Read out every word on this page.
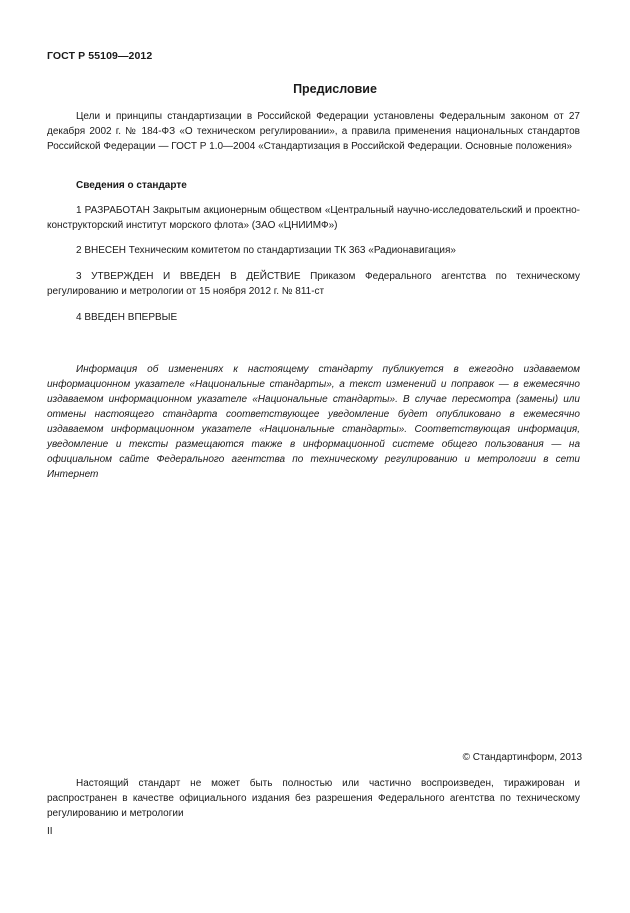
ГОСТ Р 55109—2012
Предисловие
Цели и принципы стандартизации в Российской Федерации установлены Федеральным законом от 27 декабря 2002 г. № 184-ФЗ «О техническом регулировании», а правила применения национальных стандартов Российской Федерации — ГОСТ Р 1.0—2004 «Стандартизация в Российской Федерации. Основные положения»
Сведения о стандарте
1 РАЗРАБОТАН Закрытым акционерным обществом «Центральный научно-исследовательский и проектно-конструкторский институт морского флота» (ЗАО «ЦНИИМФ»)
2 ВНЕСЕН Техническим комитетом по стандартизации ТК 363 «Радионавигация»
3 УТВЕРЖДЕН И ВВЕДЕН В ДЕЙСТВИЕ Приказом Федерального агентства по техническому регулированию и метрологии от 15 ноября 2012 г. № 811-ст
4 ВВЕДЕН ВПЕРВЫЕ
Информация об изменениях к настоящему стандарту публикуется в ежегодно издаваемом информационном указателе «Национальные стандарты», а текст изменений и поправок — в ежемесячно издаваемом информационном указателе «Национальные стандарты». В случае пересмотра (замены) или отмены настоящего стандарта соответствующее уведомление будет опубликовано в ежемесячно издаваемом информационном указателе «Национальные стандарты». Соответствующая информация, уведомление и тексты размещаются также в информационной системе общего пользования — на официальном сайте Федерального агентства по техническому регулированию и метрологии в сети Интернет
© Стандартинформ, 2013
Настоящий стандарт не может быть полностью или частично воспроизведен, тиражирован и распространен в качестве официального издания без разрешения Федерального агентства по техническому регулированию и метрологии
II
